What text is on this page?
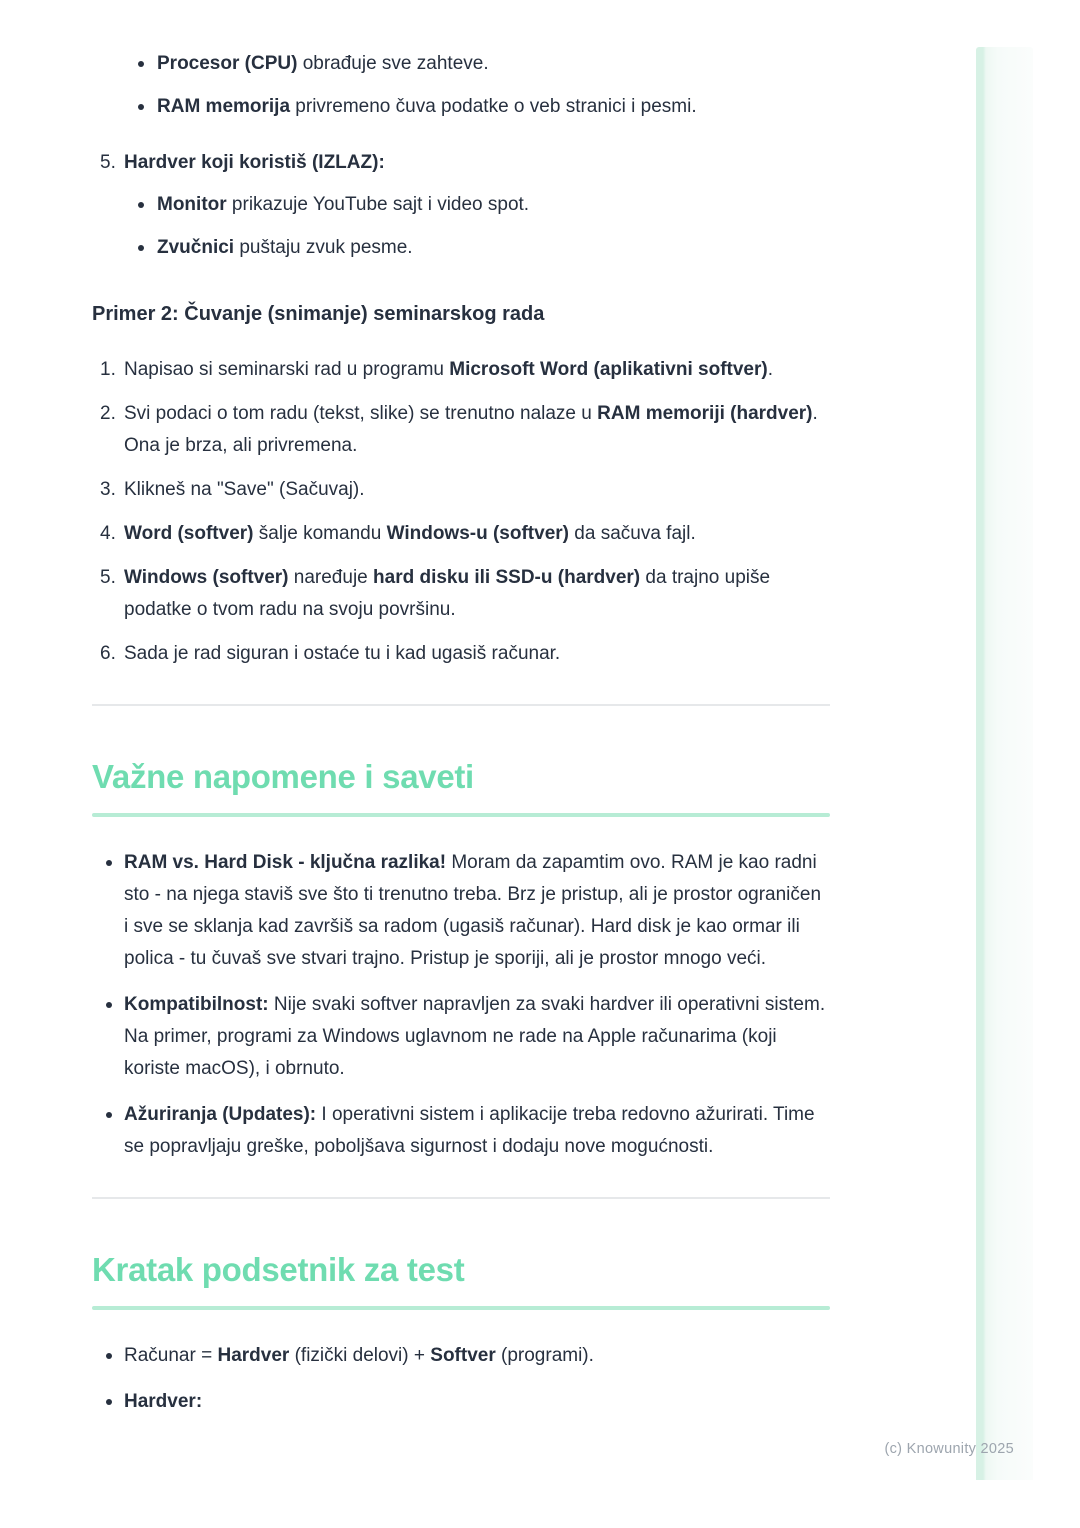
Procesor (CPU) obrađuje sve zahteve.
RAM memorija privremeno čuva podatke o veb stranici i pesmi.
5. Hardver koji koristiš (IZLAZ):
Monitor prikazuje YouTube sajt i video spot.
Zvučnici puštaju zvuk pesme.
Primer 2: Čuvanje (snimanje) seminarskog rada
1. Napisao si seminarski rad u programu Microsoft Word (aplikativni softver).
2. Svi podaci o tom radu (tekst, slike) se trenutno nalaze u RAM memoriji (hardver). Ona je brza, ali privremena.
3. Klikneš na "Save" (Sačuvaj).
4. Word (softver) šalje komandu Windows-u (softver) da sačuva fajl.
5. Windows (softver) naređuje hard disku ili SSD-u (hardver) da trajno upiše podatke o tvom radu na svoju površinu.
6. Sada je rad siguran i ostaće tu i kad ugasiš računar.
Važne napomene i saveti
RAM vs. Hard Disk - ključna razlika! Moram da zapamtim ovo. RAM je kao radni sto - na njega staviš sve što ti trenutno treba. Brz je pristup, ali je prostor ograničen i sve se sklanja kad završiš sa radom (ugasiš računar). Hard disk je kao ormar ili polica - tu čuvaš sve stvari trajno. Pristup je sporiji, ali je prostor mnogo veći.
Kompatibilnost: Nije svaki softver napravljen za svaki hardver ili operativni sistem. Na primer, programi za Windows uglavnom ne rade na Apple računarima (koji koriste macOS), i obrnuto.
Ažuriranja (Updates): I operativni sistem i aplikacije treba redovno ažurirati. Time se popravljaju greške, poboljšava sigurnost i dodaju nove mogućnosti.
Kratak podsetnik za test
Računar = Hardver (fizički delovi) + Softver (programi).
Hardver:
(c) Knowunity 2025
